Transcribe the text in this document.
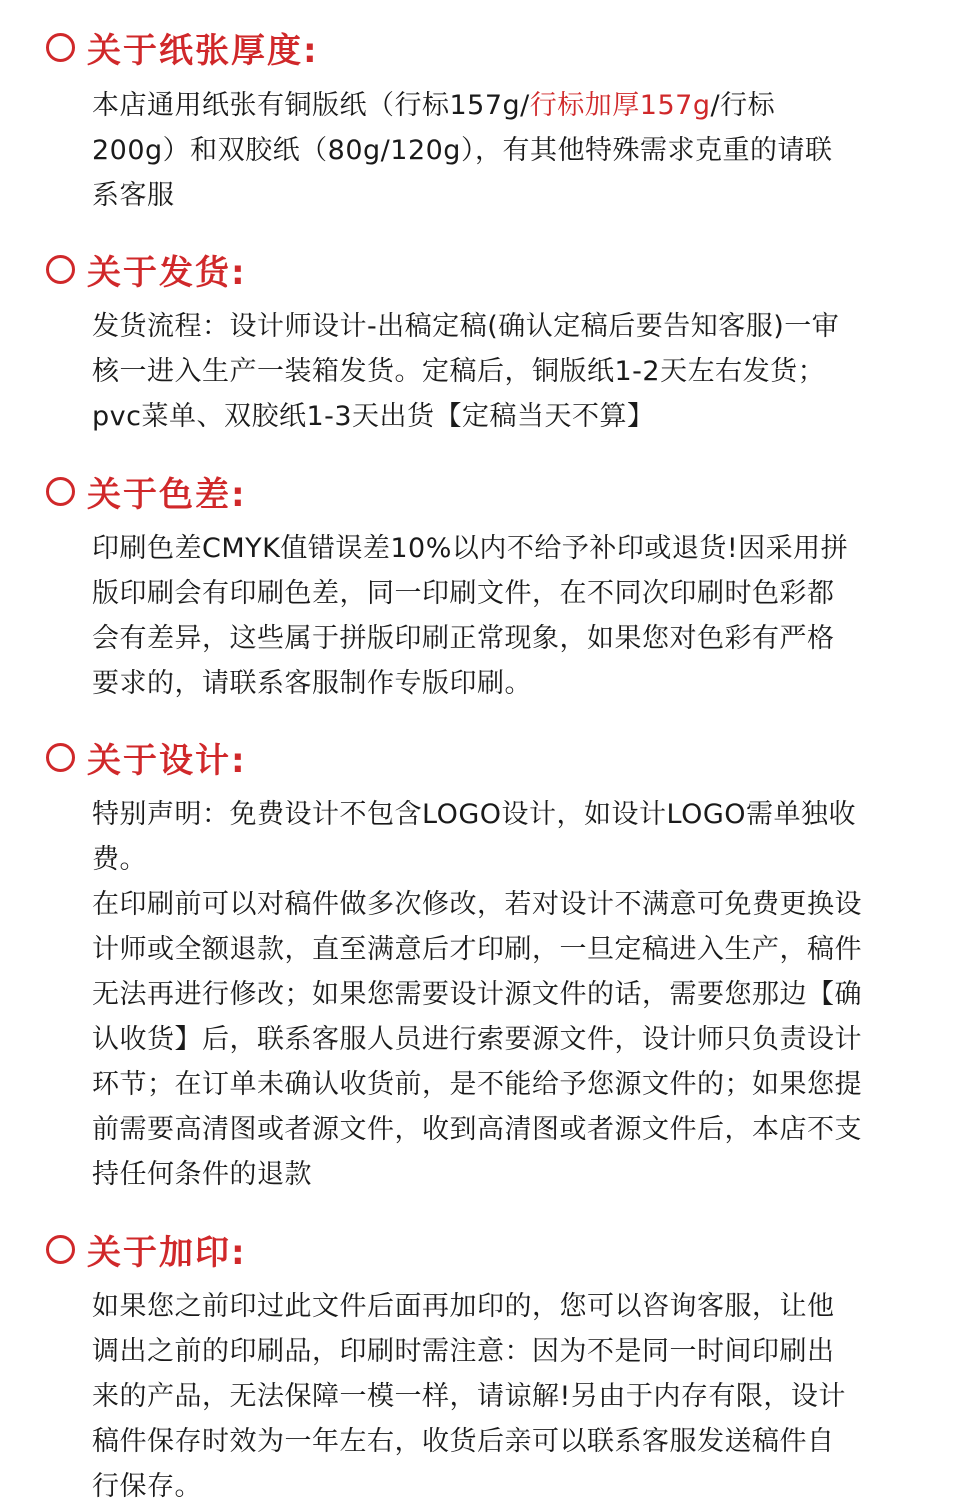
关于纸张厚度:

本店通用纸张有铜版纸（行标157g/行标加厚157g/行标

200g）和双胶纸（80g/120g），有其他特殊需求克重的请联

系客服

关于发货:

发货流程：设计师设计-出稿定稿(确认定稿后要告知客服)一审

核一进入生产一装箱发货。定稿后，铜版纸1-2天左右发货；

pvc菜单、双胶纸1-3天出货【定稿当天不算】

关于色差:

印刷色差CMYK值错误差10%以内不给予补印或退货!因采用拼

版印刷会有印刷色差，同一印刷文件，在不同次印刷时色彩都

会有差异，这些属于拼版印刷正常现象，如果您对色彩有严格

要求的，请联系客服制作专版印刷。

关于设计:

特别声明：免费设计不包含LOGO设计，如设计LOGO需单独收

费。

在印刷前可以对稿件做多次修改，若对设计不满意可免费更换设

计师或全额退款，直至满意后才印刷，一旦定稿进入生产，稿件

无法再进行修改；如果您需要设计源文件的话，需要您那边【确

认收货】后，联系客服人员进行索要源文件，设计师只负责设计

环节；在订单未确认收货前，是不能给予您源文件的；如果您提

前需要高清图或者源文件，收到高清图或者源文件后，本店不支

持任何条件的退款

关于加印:

如果您之前印过此文件后面再加印的，您可以咨询客服，让他

调出之前的印刷品，印刷时需注意：因为不是同一时间印刷出

来的产品，无法保障一模一样，请谅解!另由于内存有限，设计

稿件保存时效为一年左右，收货后亲可以联系客服发送稿件自

行保存。
